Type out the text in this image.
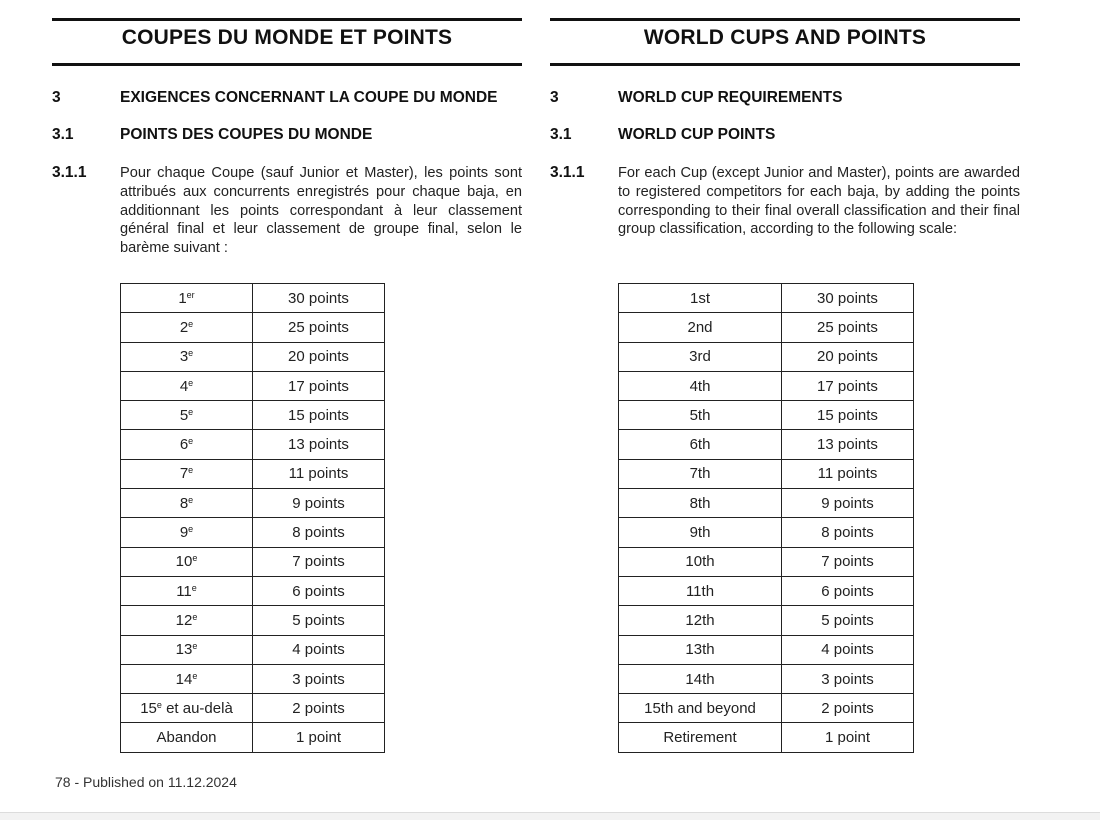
COUPES DU MONDE ET POINTS
3	EXIGENCES CONCERNANT LA COUPE DU MONDE
3.1	POINTS DES COUPES DU MONDE
3.1.1 Pour chaque Coupe (sauf Junior et Master), les points sont attribués aux concurrents enregistrés pour chaque baja, en additionnant les points correspondant à leur classement général final et leur classement de groupe final, selon le barème suivant :
1er	30 points
2e	25 points
3e	20 points
4e	17 points
5e	15 points
6e	13 points
7e	11 points
8e	9 points
9e	8 points
10e	7 points
11e	6 points
12e	5 points
13e	4 points
14e	3 points
15e et au-delà	2 points
Abandon	1 point
WORLD CUPS AND POINTS
3	WORLD CUP REQUIREMENTS
3.1	WORLD CUP POINTS
3.1.1 For each Cup (except Junior and Master), points are awarded to registered competitors for each baja, by adding the points corresponding to their final overall classification and their final group classification, according to the following scale:
1st	30 points
2nd	25 points
3rd	20 points
4th	17 points
5th	15 points
6th	13 points
7th	11 points
8th	9 points
9th	8 points
10th	7 points
11th	6 points
12th	5 points
13th	4 points
14th	3 points
15th and beyond	2 points
Retirement	1 point
78 - Published on 11.12.2024
